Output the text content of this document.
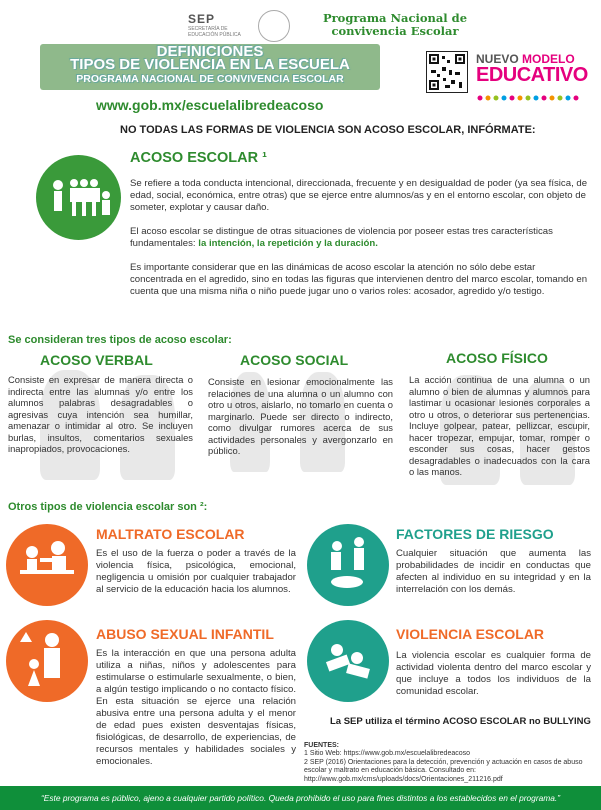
SEP
SECRETARÍA DE EDUCACIÓN PÚBLICA
Programa Nacional de convivencia Escolar
DEFINICIONES
TIPOS DE VIOLENCIA EN LA ESCUELA
PROGRAMA NACIONAL DE CONVIVENCIA ESCOLAR
NUEVO MODELO
EDUCATIVO
www.gob.mx/escuelalibredeacoso
NO TODAS LAS FORMAS DE VIOLENCIA SON ACOSO ESCOLAR, INFÓRMATE:
ACOSO ESCOLAR ¹
Se refiere a toda conducta intencional, direccionada, frecuente y en desigualdad de poder (ya sea física, de edad, social, económica, entre otras) que se ejerce entre alumnos/as y en el entorno escolar, con objeto de someter, explotar y causar daño.
El acoso escolar se distingue de otras situaciones de violencia por poseer estas tres características fundamentales: la intención, la repetición y la duración.
Es importante considerar que en las dinámicas de acoso escolar la atención no sólo debe estar concentrada en el agredido, sino en todas las figuras que intervienen dentro del marco escolar, tomando en cuenta que una misma niña o niño puede jugar uno o varios roles: acosador, agredido y/o testigo.
Se consideran tres tipos de acoso escolar:
ACOSO VERBAL	ACOSO SOCIAL	ACOSO FÍSICO
Consiste en expresar de manera directa o indirecta entre las alumnas y/o entre los alumnos palabras desagradables o agresivas cuya intención sea humillar, amenazar o intimidar al otro. Se incluyen burlas, insultos, comentarios sexuales inapropiados, provocaciones.
Consiste en lesionar emocionalmente las relaciones de una alumna o un alumno con otro u otros, aislarlo, no tomarlo en cuenta o marginarlo. Puede ser directo o indirecto, como divulgar rumores acerca de sus actividades personales y avergonzarlo en público.
La acción continua de una alumna o un alumno o bien de alumnas y alumnos para lastimar u ocasionar lesiones corporales a otro u otros, o deteriorar sus pertenencias. Incluye golpear, patear, pellizcar, escupir, hacer tropezar, empujar, tomar, romper o esconder sus cosas, hacer gestos desagradables o inadecuados con la cara o las manos.
Otros tipos de violencia escolar son ²:
MALTRATO ESCOLAR	FACTORES DE RIESGO
ABUSO SEXUAL INFANTIL	VIOLENCIA ESCOLAR
Es el uso de la fuerza o poder a través de la violencia física, psicológica, emocional, negligencia u omisión por cualquier trabajador al servicio de la educación hacia los alumnos.
Cualquier situación que aumenta las probabilidades de incidir en conductas que afecten al individuo en su integridad y en la interrelación con los demás.
Es la interacción en que una persona adulta utiliza a niñas, niños y adolescentes para estimularse o estimularle sexualmente, o bien, a algún testigo implicando o no contacto físico. En esta situación se ejerce una relación abusiva entre una persona adulta y el menor de edad pues existen desventajas físicas, fisiológicas, de desarrollo, de experiencias, de recursos mentales y habilidades sociales y emocionales.
La violencia escolar es cualquier forma de actividad violenta dentro del marco escolar y que incluye a todos los individuos de la comunidad escolar.
La SEP utiliza el término ACOSO ESCOLAR no BULLYING
FUENTES:
1 Sitio Web: https://www.gob.mx/escuelalibredeacoso
2 SEP (2016) Orientaciones para la detección, prevención y actuación en casos de abuso escolar y maltrato en educación básica. Consultado en: http://www.gob.mx/cms/uploads/docs/Orientaciones_211216.pdf
“Este programa es público, ajeno a cualquier partido político. Queda prohibido el uso para fines distintos a los establecidos en el programa.”
